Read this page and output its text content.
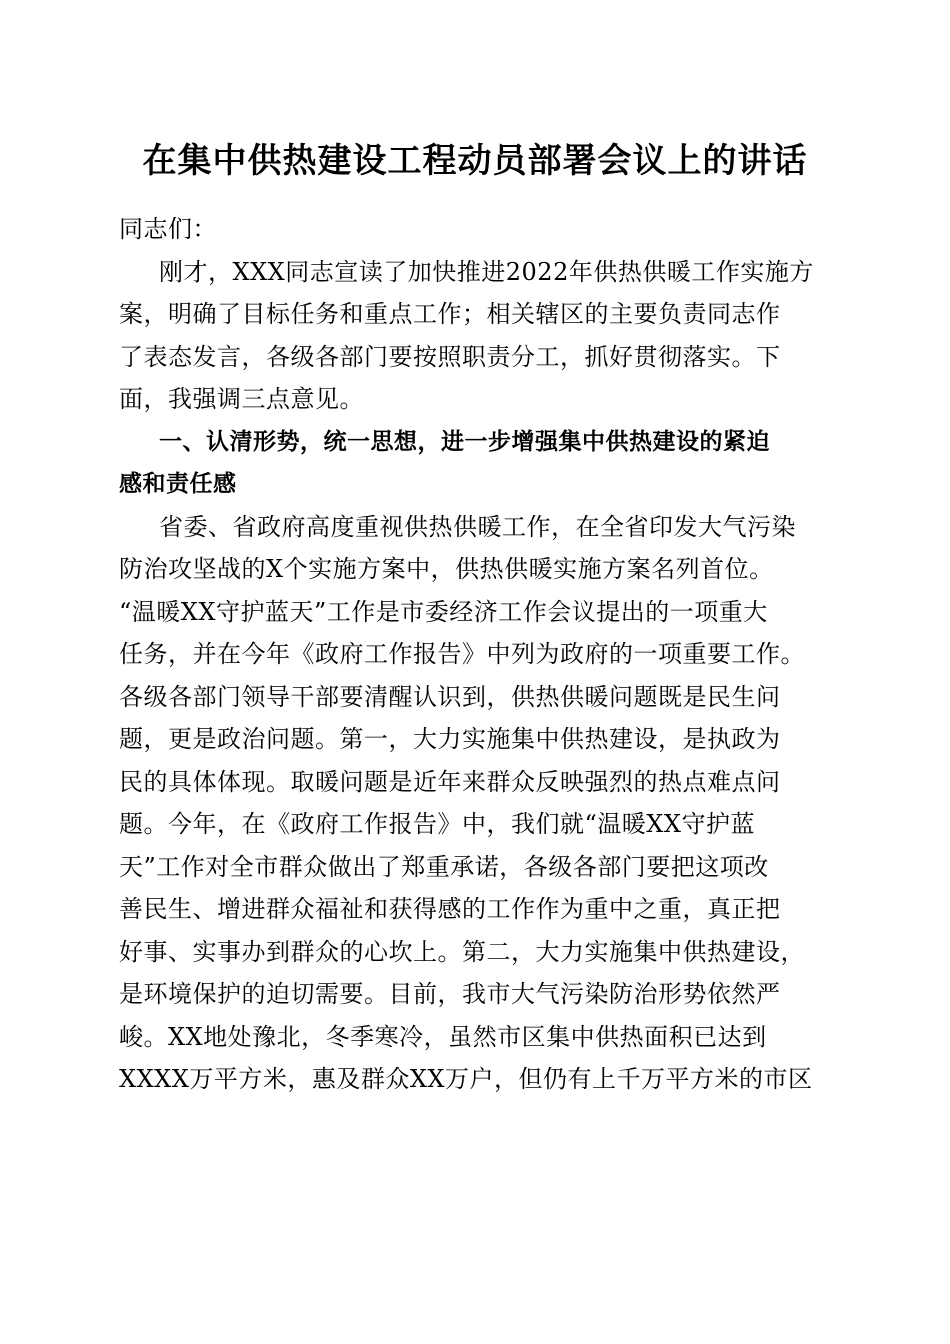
在集中供热建设工程动员部署会议上的讲话
同志们：
刚才，XXX同志宣读了加快推进2022年供热供暖工作实施方
案，明确了目标任务和重点工作；相关辖区的主要负责同志作
了表态发言，各级各部门要按照职责分工，抓好贯彻落实。下
面，我强调三点意见。
一、认清形势，统一思想，进一步增强集中供热建设的紧迫
感和责任感
省委、省政府高度重视供热供暖工作，在全省印发大气污染
防治攻坚战的X个实施方案中，供热供暖实施方案名列首位。
“温暖XX守护蓝天”工作是市委经济工作会议提出的一项重大
任务，并在今年《政府工作报告》中列为政府的一项重要工作。
各级各部门领导干部要清醒认识到，供热供暖问题既是民生问
题，更是政治问题。第一，大力实施集中供热建设，是执政为
民的具体体现。取暖问题是近年来群众反映强烈的热点难点问
题。今年，在《政府工作报告》中，我们就“温暖XX守护蓝
天”工作对全市群众做出了郑重承诺，各级各部门要把这项改
善民生、增进群众福祉和获得感的工作作为重中之重，真正把
好事、实事办到群众的心坎上。第二，大力实施集中供热建设，
是环境保护的迫切需要。目前，我市大气污染防治形势依然严
峻。XX地处豫北，冬季寒冷，虽然市区集中供热面积已达到
XXXX万平方米，惠及群众XX万户，但仍有上千万平方米的市区
